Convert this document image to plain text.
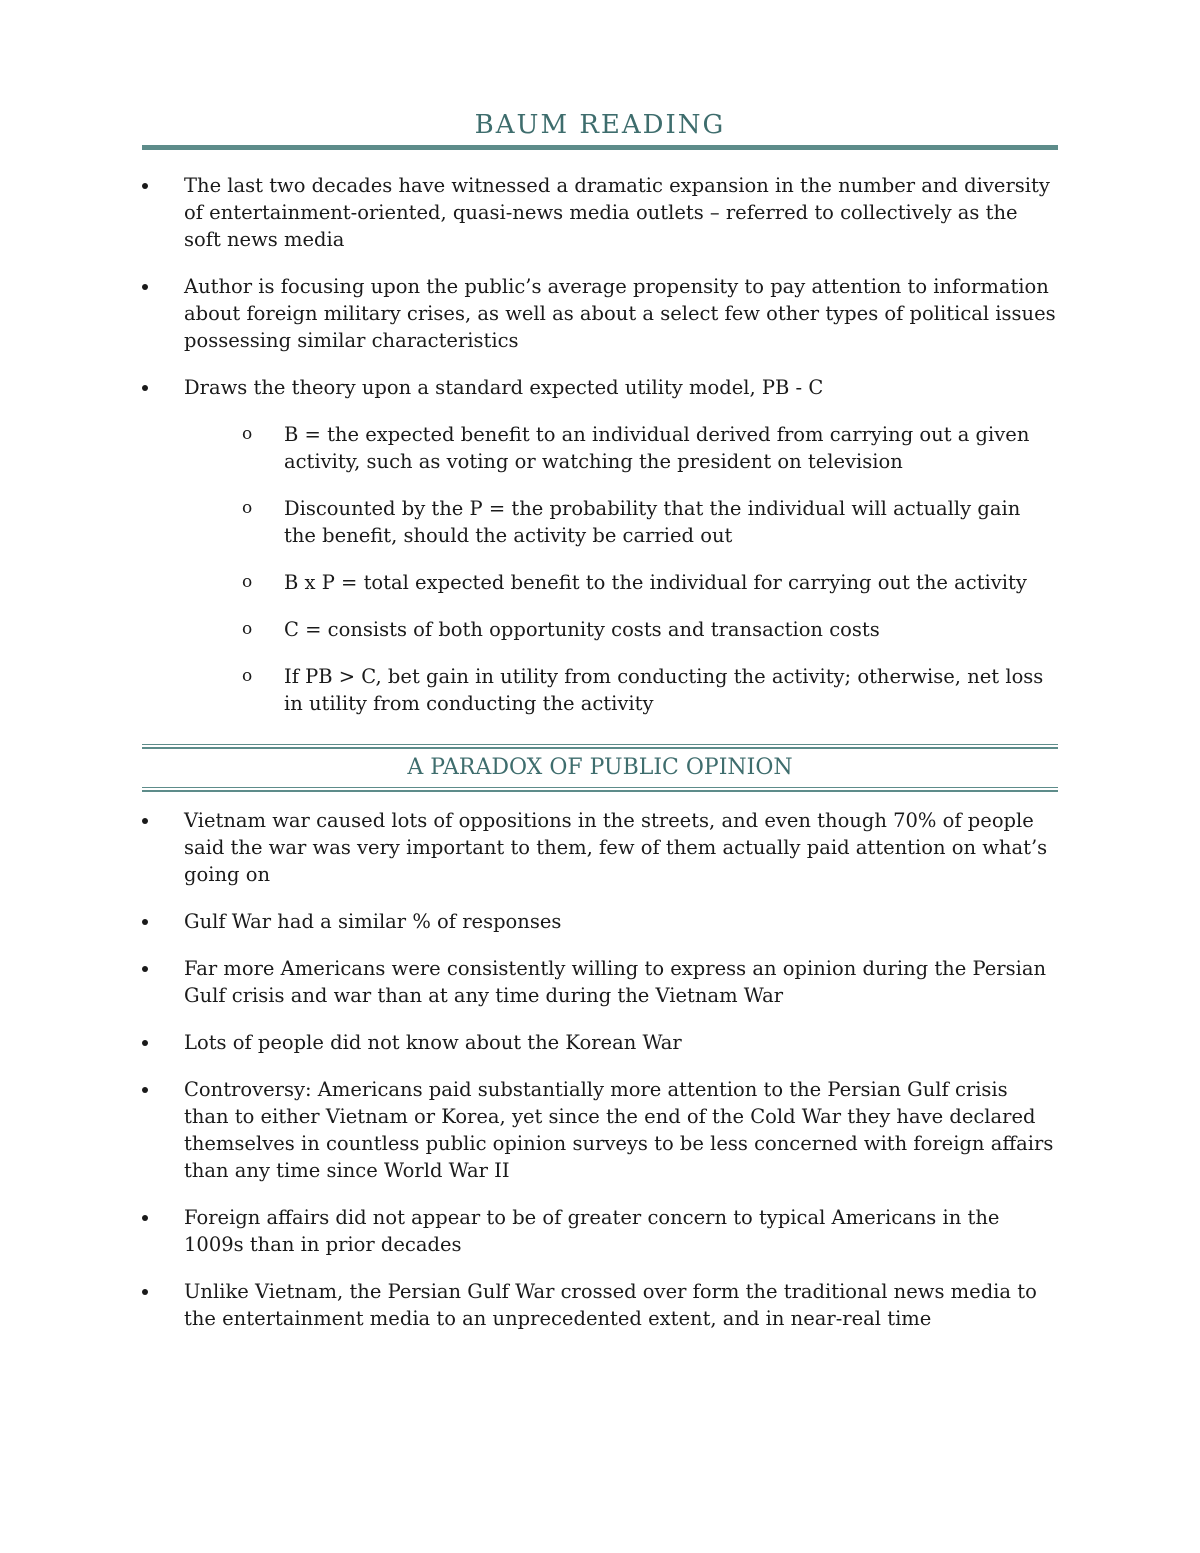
BAUM READING
The last two decades have witnessed a dramatic expansion in the number and diversity of entertainment-oriented, quasi-news media outlets – referred to collectively as the soft news media
Author is focusing upon the public’s average propensity to pay attention to information about foreign military crises, as well as about a select few other types of political issues possessing similar characteristics
Draws the theory upon a standard expected utility model, PB - C
o B = the expected benefit to an individual derived from carrying out a given activity, such as voting or watching the president on television
o Discounted by the P = the probability that the individual will actually gain the benefit, should the activity be carried out
o B x P = total expected benefit to the individual for carrying out the activity
o C = consists of both opportunity costs and transaction costs
o If PB > C, bet gain in utility from conducting the activity; otherwise, net loss in utility from conducting the activity
A PARADOX OF PUBLIC OPINION
Vietnam war caused lots of oppositions in the streets, and even though 70% of people said the war was very important to them, few of them actually paid attention on what’s going on
Gulf War had a similar % of responses
Far more Americans were consistently willing to express an opinion during the Persian Gulf crisis and war than at any time during the Vietnam War
Lots of people did not know about the Korean War
Controversy: Americans paid substantially more attention to the Persian Gulf crisis than to either Vietnam or Korea, yet since the end of the Cold War they have declared themselves in countless public opinion surveys to be less concerned with foreign affairs than any time since World War II
Foreign affairs did not appear to be of greater concern to typical Americans in the 1009s than in prior decades
Unlike Vietnam, the Persian Gulf War crossed over form the traditional news media to the entertainment media to an unprecedented extent, and in near-real time
